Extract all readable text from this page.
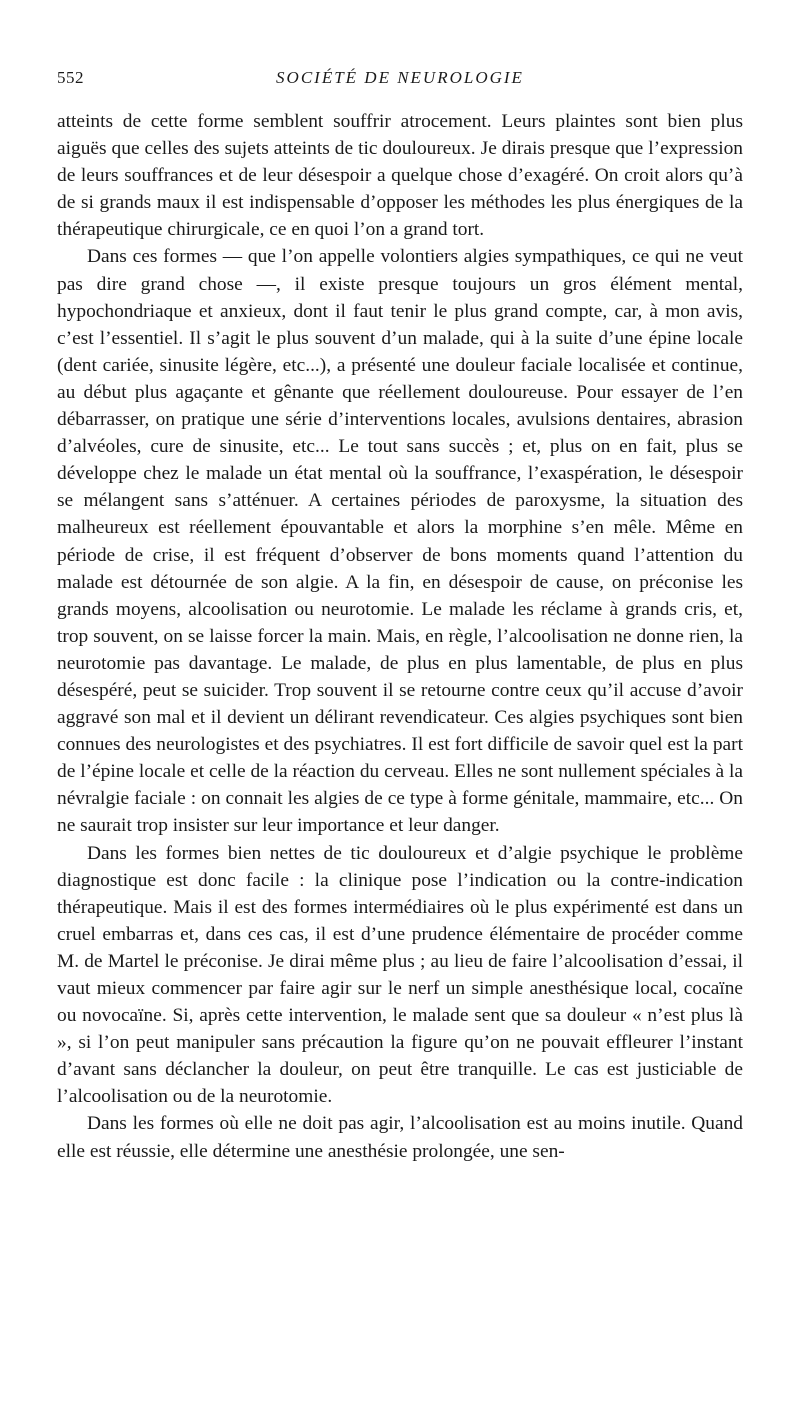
552	SOCIÉTÉ DE NEUROLOGIE

atteints de cette forme semblent souffrir atrocement. Leurs plaintes sont bien plus aiguës que celles des sujets atteints de tic douloureux. Je dirais presque que l’expression de leurs souffrances et de leur désespoir a quelque chose d’exagéré. On croit alors qu’à de si grands maux il est indispensable d’opposer les méthodes les plus énergiques de la thérapeutique chirurgicale, ce en quoi l’on a grand tort.

Dans ces formes — que l’on appelle volontiers algies sympathiques, ce qui ne veut pas dire grand chose —, il existe presque toujours un gros élément mental, hypochondriaque et anxieux, dont il faut tenir le plus grand compte, car, à mon avis, c’est l’essentiel. Il s’agit le plus souvent d’un malade, qui à la suite d’une épine locale (dent cariée, sinusite légère, etc...), a présenté une douleur faciale localisée et continue, au début plus agaçante et gênante que réellement douloureuse. Pour essayer de l’en débarrasser, on pratique une série d’interventions locales, avulsions dentaires, abrasion d’alvéoles, cure de sinusite, etc... Le tout sans succès ; et, plus on en fait, plus se développe chez le malade un état mental où la souffrance, l’exaspération, le désespoir se mélangent sans s’atténuer. A certaines périodes de paroxysme, la situation des malheureux est réellement épouvantable et alors la morphine s’en mêle. Même en période de crise, il est fréquent d’observer de bons moments quand l’attention du malade est détournée de son algie. A la fin, en désespoir de cause, on préconise les grands moyens, alcoolisation ou neurotomie. Le malade les réclame à grands cris, et, trop souvent, on se laisse forcer la main. Mais, en règle, l’alcoolisation ne donne rien, la neurotomie pas davantage. Le malade, de plus en plus lamentable, de plus en plus désespéré, peut se suicider. Trop souvent il se retourne contre ceux qu’il accuse d’avoir aggravé son mal et il devient un délirant revendicateur. Ces algies psychiques sont bien connues des neurologistes et des psychiatres. Il est fort difficile de savoir quel est la part de l’épine locale et celle de la réaction du cerveau. Elles ne sont nullement spéciales à la névralgie faciale : on connait les algies de ce type à forme génitale, mammaire, etc... On ne saurait trop insister sur leur importance et leur danger.

Dans les formes bien nettes de tic douloureux et d’algie psychique le problème diagnostique est donc facile : la clinique pose l’indication ou la contre-indication thérapeutique. Mais il est des formes intermédiaires où le plus expérimenté est dans un cruel embarras et, dans ces cas, il est d’une prudence élémentaire de procéder comme M. de Martel le préconise. Je dirai même plus ; au lieu de faire l’alcoolisation d’essai, il vaut mieux commencer par faire agir sur le nerf un simple anesthésique local, cocaïne ou novocaïne. Si, après cette intervention, le malade sent que sa douleur « n’est plus là », si l’on peut manipuler sans précaution la figure qu’on ne pouvait effleurer l’instant d’avant sans déclancher la douleur, on peut être tranquille. Le cas est justiciable de l’alcoolisation ou de la neurotomie.

Dans les formes où elle ne doit pas agir, l’alcoolisation est au moins inutile. Quand elle est réussie, elle détermine une anesthésie prolongée, une sen-
